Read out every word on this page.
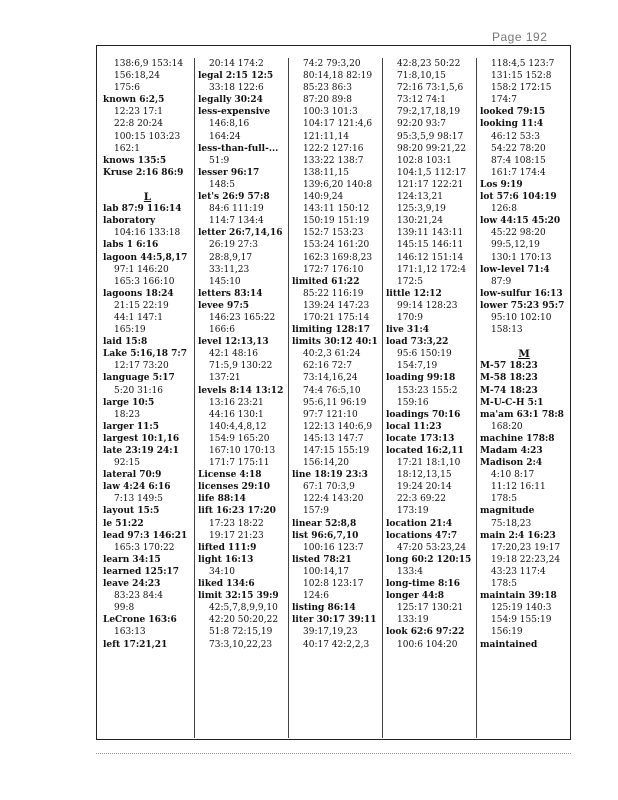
Page 192
138:6,9 153:14
156:18,24
175:6
known 6:2,5
12:23 17:1
22:8 20:24
100:15 103:23
162:1
knows 135:5
Kruse 2:16 86:9
L
lab 87:9 116:14
laboratory
104:16 133:18
labs 1 6:16
lagoon 44:5,8,17
97:1 146:20
165:3 166:10
lagoons 18:24
21:15 22:19
44:1 147:1
165:19
laid 15:8
Lake 5:16,18 7:7
12:17 73:20
language 5:17
5:20 31:16
large 10:5
18:23
larger 11:5
largest 10:1,16
late 23:19 24:1
92:15
lateral 70:9
law 4:24 6:16
7:13 149:5
layout 15:5
le 51:22
lead 97:3 146:21
165:3 170:22
learn 34:15
learned 125:17
leave 24:23
83:23 84:4
99:8
LeCrone 163:6
163:13
left 17:21,21
20:14 174:2
legal 2:15 12:5
33:18 122:6
legally 30:24
less-expensive
146:8,16
164:24
less-than-full-...
51:9
lesser 96:17
148:5
let's 26:9 57:8
84:6 111:19
114:7 134:4
letter 26:7,14,16
26:19 27:3
28:8,9,17
33:11,23
145:10
letters 83:14
levee 97:5
146:23 165:22
166:6
level 12:13,13
42:1 48:16
71:5,9 130:22
137:21
levels 8:14 13:12
13:16 23:21
44:16 130:1
140:4,4,8,12
154:9 165:20
167:10 170:13
171:7 175:11
License 4:18
licenses 29:10
life 88:14
lift 16:23 17:20
17:23 18:22
19:17 21:23
lifted 111:9
light 16:13
34:10
liked 134:6
limit 32:15 39:9
42:5,7,8,9,9,10
42:20 50:20,22
51:8 72:15,19
73:3,10,22,23
74:2 79:3,20
80:14,18 82:19
85:23 86:3
87:20 89:8
100:3 101:3
104:17 121:4,6
121:11,14
122:2 127:16
133:22 138:7
138:11,15
139:6,20 140:8
140:9,24
143:11 150:12
150:19 151:19
152:7 153:23
153:24 161:20
162:3 169:8,23
172:7 176:10
limited 61:22
85:22 116:19
139:24 147:23
170:21 175:14
limiting 128:17
limits 30:12 40:1
40:2,3 61:24
62:16 72:7
73:14,16,24
74:4 76:5,10
95:6,11 96:19
97:7 121:10
122:13 140:6,9
145:13 147:7
147:15 155:19
156:14,20
line 18:19 23:3
67:1 70:3,9
122:4 143:20
157:9
linear 52:8,8
list 96:6,7,10
100:16 123:7
listed 78:21
100:14,17
102:8 123:17
124:6
listing 86:14
liter 30:17 39:11
39:17,19,23
40:17 42:2,2,3
42:8,23 50:22
71:8,10,15
72:16 73:1,5,6
73:12 74:1
79:2,17,18,19
92:20 93:7
95:3,5,9 98:17
98:20 99:21,22
102:8 103:1
104:1,5 112:17
121:17 122:21
124:13,21
125:3,9,19
130:21,24
139:11 143:11
145:15 146:11
146:12 151:14
171:1,12 172:4
172:5
little 12:12
99:14 128:23
170:9
live 31:4
load 73:3,22
95:6 150:19
154:7,19
loading 99:18
153:23 155:2
159:16
loadings 70:16
local 11:23
locate 173:13
located 16:2,11
17:21 18:1,10
18:12,13,15
19:24 20:14
22:3 69:22
173:19
location 21:4
locations 47:7
47:20 53:23,24
long 60:2 120:15
133:4
long-time 8:16
longer 44:8
125:17 130:21
133:19
look 62:6 97:22
100:6 104:20
118:4,5 123:7
131:15 152:8
158:2 172:15
174:7
looked 79:15
looking 11:4
46:12 53:3
54:22 78:20
87:4 108:15
161:7 174:4
Los 9:19
lot 57:6 104:19
126:8
low 44:15 45:20
45:22 98:20
99:5,12,19
130:1 170:13
low-level 71:4
87:9
low-sulfur 16:13
lower 75:23 95:7
95:10 102:10
158:13
M
M-57 18:23
M-58 18:23
M-74 18:23
M-U-C-H 5:1
ma'am 63:1 78:8
168:20
machine 178:8
Madam 4:23
Madison 2:4
4:10 8:17
11:12 16:11
178:5
magnitude
75:18,23
main 2:4 16:23
17:20,23 19:17
19:18 22:23,24
43:23 117:4
178:5
maintain 39:18
125:19 140:3
154:9 155:19
156:19
maintained
